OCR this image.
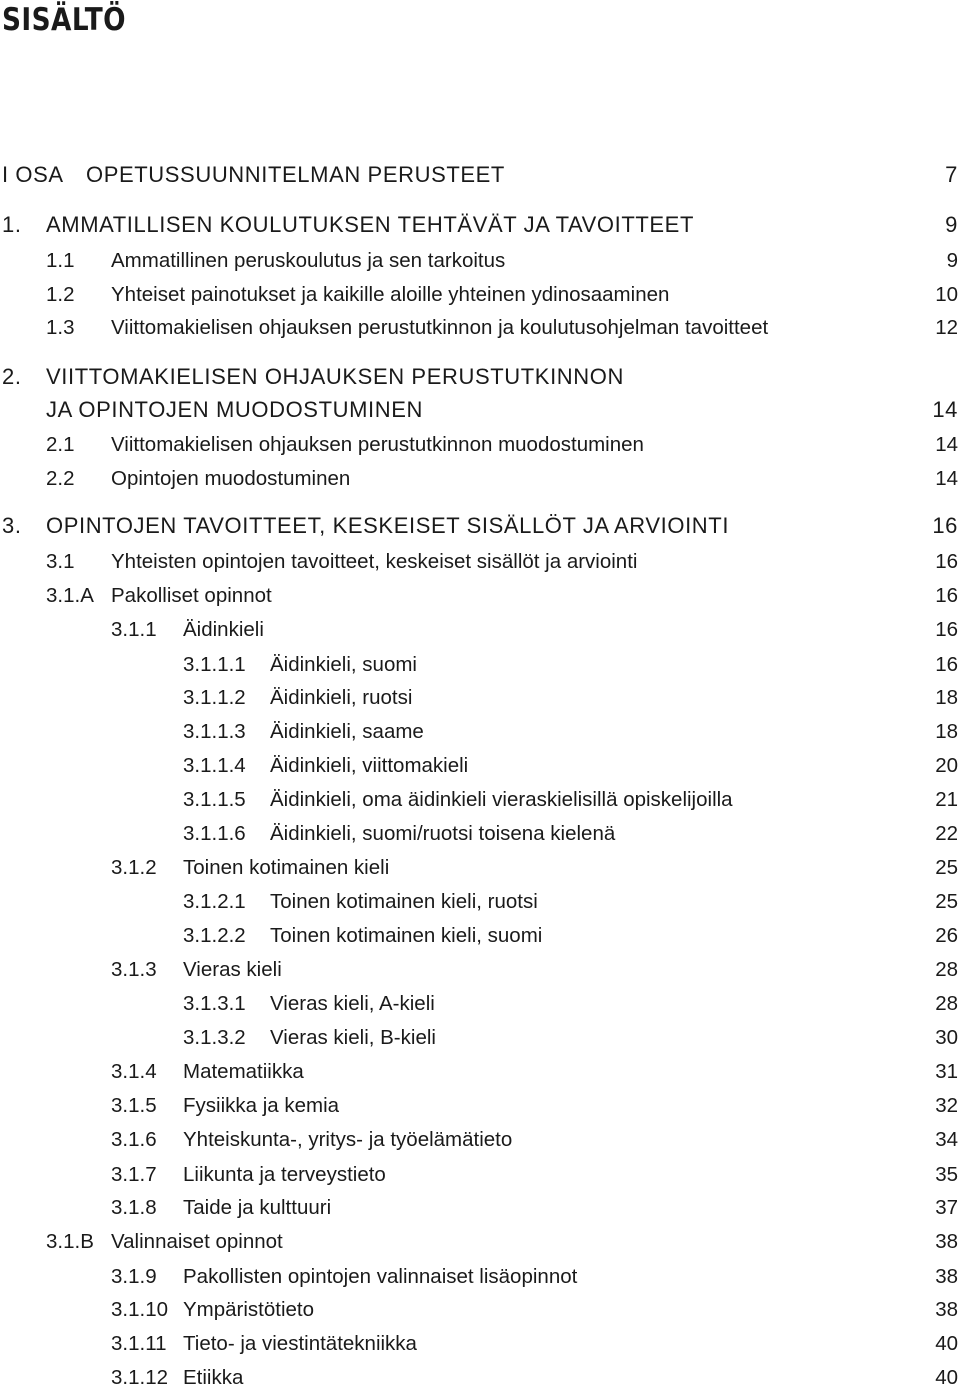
SISÄLTÖ
I OSA OPETUSSUUNNITELMAN PERUSTEET	7
1. AMMATILLISEN KOULUTUKSEN TEHTÄVÄT JA TAVOITTEET	9
1.1 Ammatillinen peruskoulutus ja sen tarkoitus	9
1.2 Yhteiset painotukset ja kaikille aloille yhteinen ydinosaaminen	10
1.3 Viittomakielisen ohjauksen perustutkinnon ja koulutusohjelman tavoitteet	12
2. VIITTOMAKIELISEN OHJAUKSEN PERUSTUTKINNON
JA OPINTOJEN MUODOSTUMINEN	14
2.1 Viittomakielisen ohjauksen perustutkinnon muodostuminen	14
2.2 Opintojen muodostuminen	14
3. OPINTOJEN TAVOITTEET, KESKEISET SISÄLLÖT JA ARVIOINTI	16
3.1 Yhteisten opintojen tavoitteet, keskeiset sisällöt ja arviointi	16
3.1.A Pakolliset opinnot	16
3.1.1 Äidinkieli	16
3.1.1.1 Äidinkieli, suomi	16
3.1.1.2 Äidinkieli, ruotsi	18
3.1.1.3 Äidinkieli, saame	18
3.1.1.4 Äidinkieli, viittomakieli	20
3.1.1.5 Äidinkieli, oma äidinkieli vieraskielisillä opiskelijoilla	21
3.1.1.6 Äidinkieli, suomi/ruotsi toisena kielenä	22
3.1.2 Toinen kotimainen kieli	25
3.1.2.1 Toinen kotimainen kieli, ruotsi	25
3.1.2.2 Toinen kotimainen kieli, suomi	26
3.1.3 Vieras kieli	28
3.1.3.1 Vieras kieli, A-kieli	28
3.1.3.2 Vieras kieli, B-kieli	30
3.1.4 Matematiikka	31
3.1.5 Fysiikka ja kemia	32
3.1.6 Yhteiskunta-, yritys- ja työelämätieto	34
3.1.7 Liikunta ja terveystieto	35
3.1.8 Taide ja kulttuuri	37
3.1.B Valinnaiset opinnot	38
3.1.9 Pakollisten opintojen valinnaiset lisäopinnot	38
3.1.10 Ympäristötieto	38
3.1.11 Tieto- ja viestintätekniikka	40
3.1.12 Etiikka	40
